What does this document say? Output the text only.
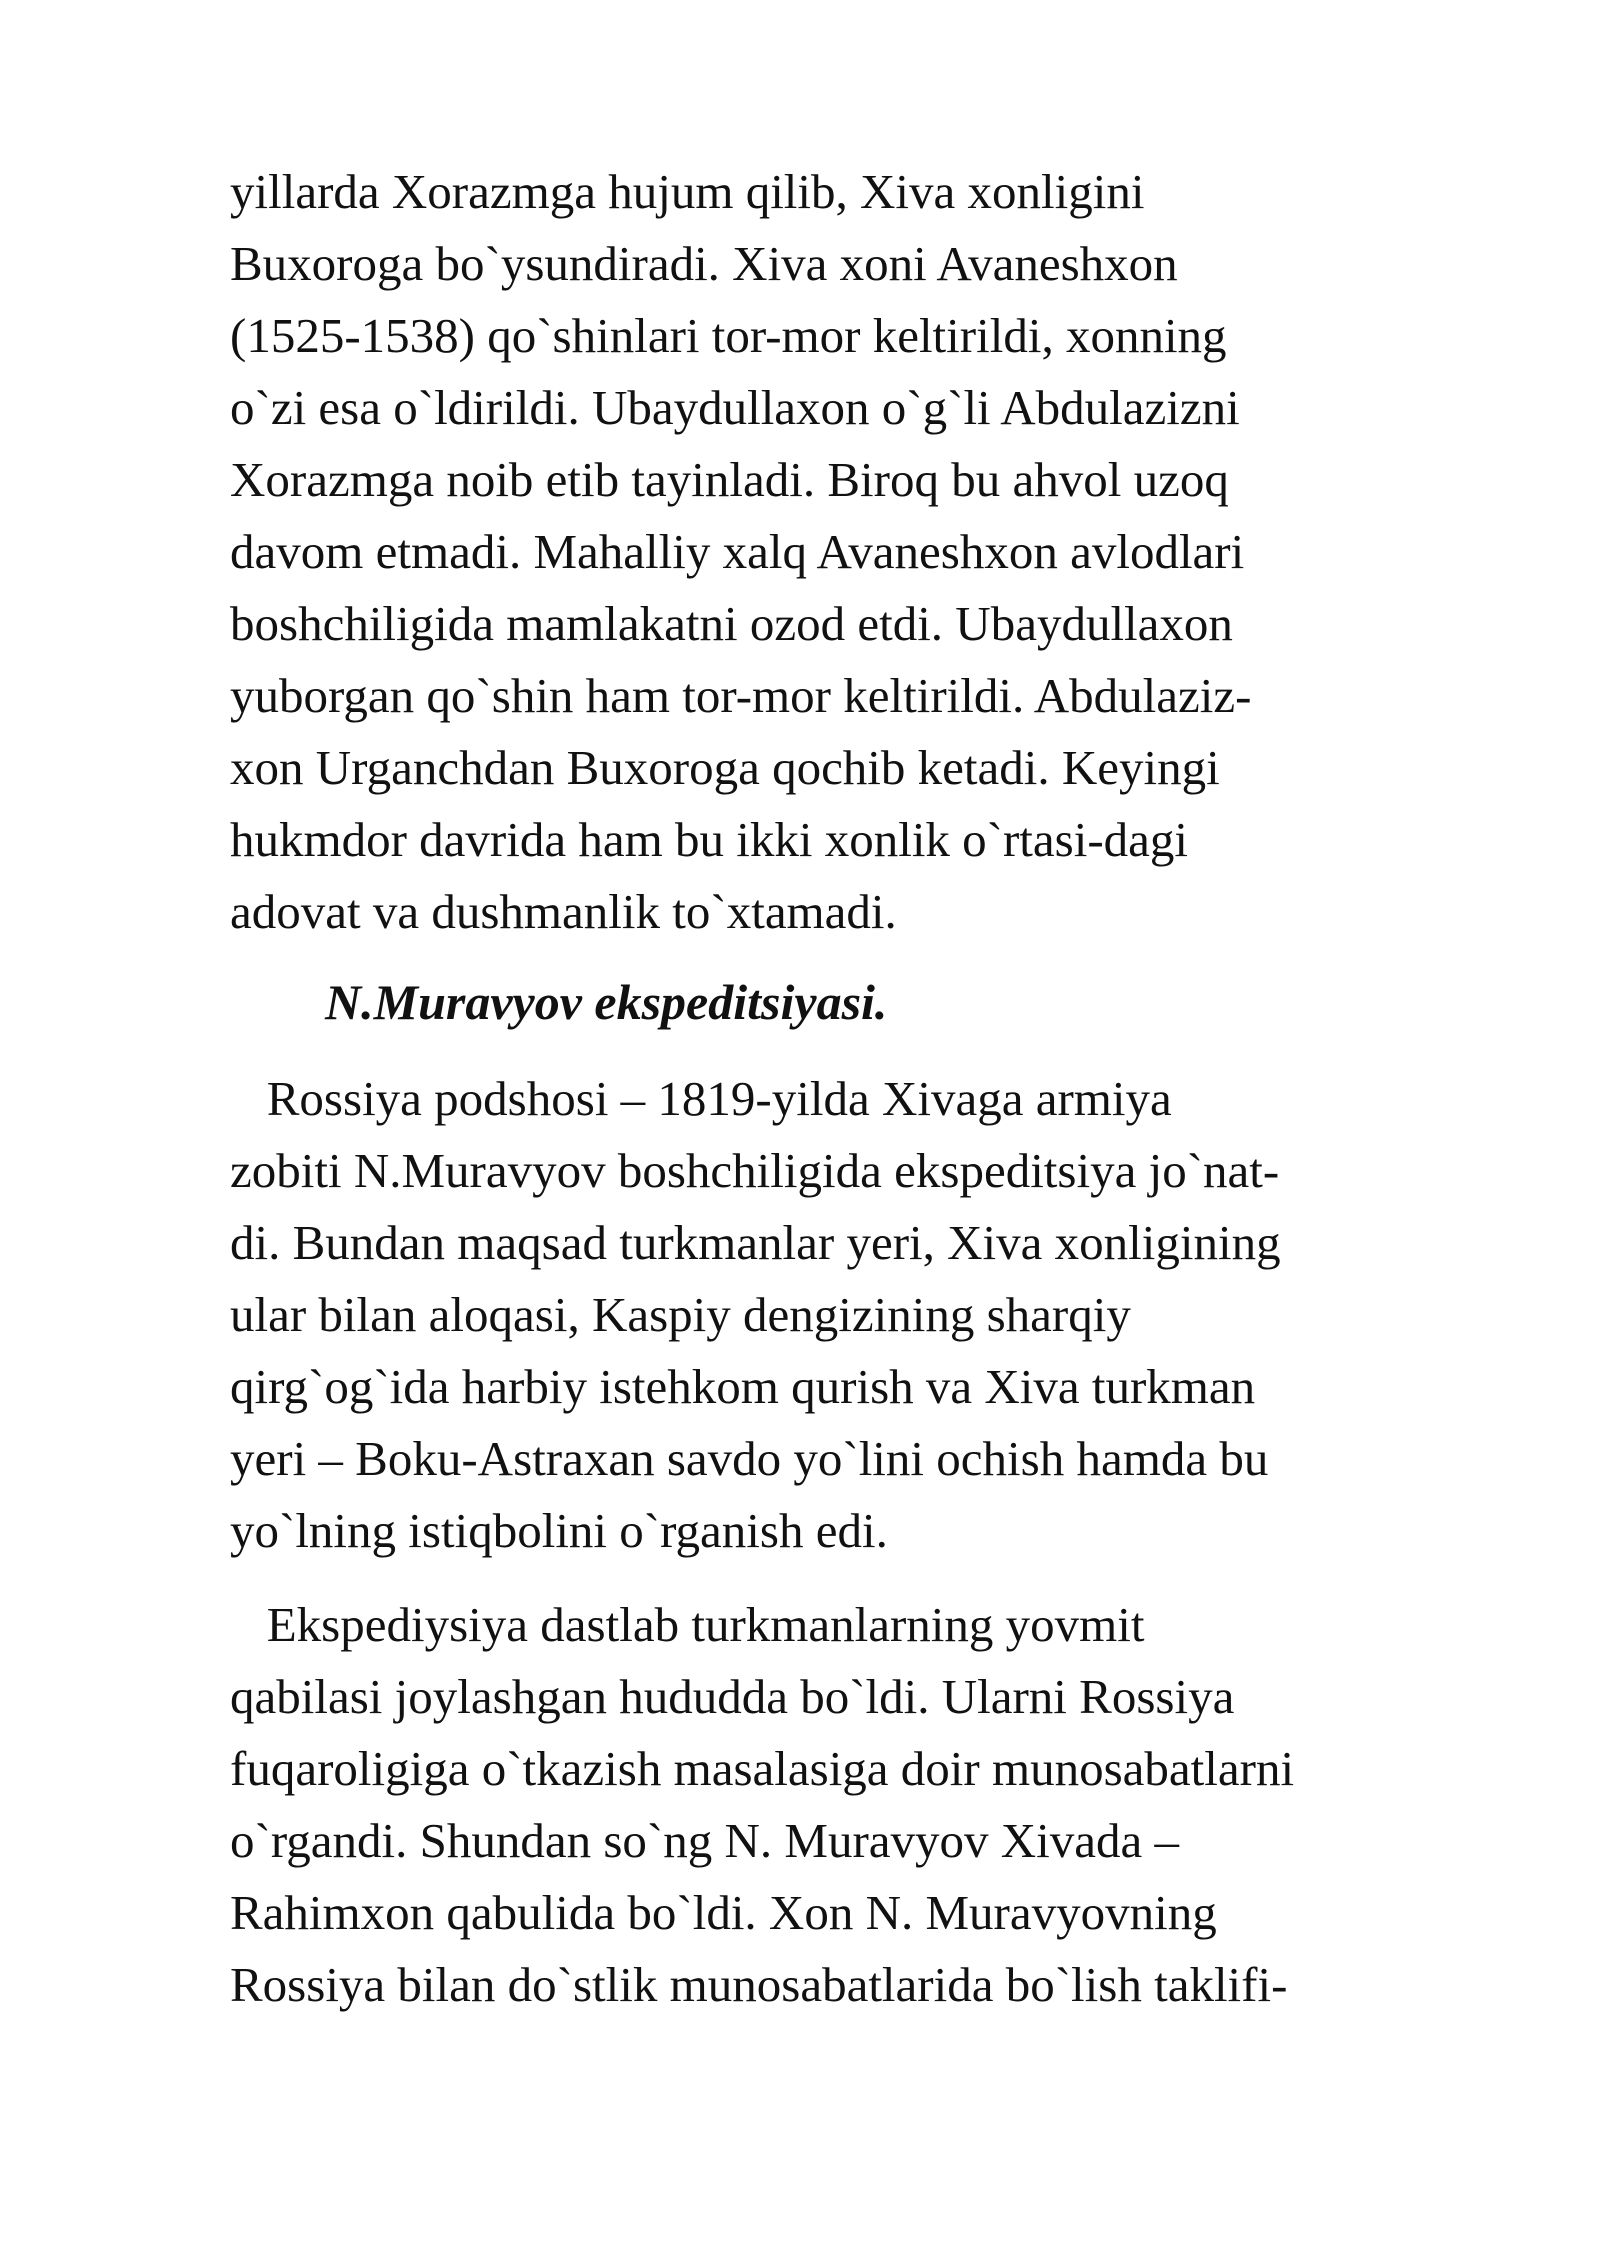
yillarda Xorazmga hujum qilib, Xiva xonligini
Buxoroga bo`ysundiradi. Xiva xoni Avaneshxon
(1525-1538) qo`shinlari tor-mor keltirildi, xonning
o`zi esa o`ldirildi. Ubaydullaxon o`g`li Abdulazizni
Xorazmga noib etib tayinladi. Biroq bu ahvol uzoq
davom etmadi. Mahalliy xalq Avaneshxon avlodlari
boshchiligida mamlakatni ozod etdi. Ubaydullaxon
yuborgan qo`shin ham tor-mor keltirildi. Abdulaziz-
xon Urganchdan Buxoroga qochib ketadi. Keyingi
hukmdor davrida ham bu ikki xonlik o`rtasi-dagi
adovat va dushmanlik to`xtamadi.
N.Muravyov ekspeditsiyasi.
Rossiya podshosi – 1819-yilda Xivaga armiya
zobiti N.Muravyov boshchiligida ekspeditsiya jo`nat-
di. Bundan maqsad turkmanlar yeri, Xiva xonligining
ular bilan aloqasi, Kaspiy dengizining sharqiy
qirg`og`ida harbiy istehkom qurish va Xiva turkman
yeri – Boku-Astraxan savdo yo`lini ochish hamda bu
yo`lning istiqbolini o`rganish edi.
Ekspediysiya dastlab turkmanlarning yovmit
qabilasi joylashgan hududda bo`ldi. Ularni Rossiya
fuqaroligiga o`tkazish masalasiga doir munosabatlarni
o`rgandi. Shundan so`ng N. Muravyov Xivada –
Rahimxon qabulida bo`ldi. Xon N. Muravyovning
Rossiya bilan do`stlik munosabatlarida bo`lish taklifi-
